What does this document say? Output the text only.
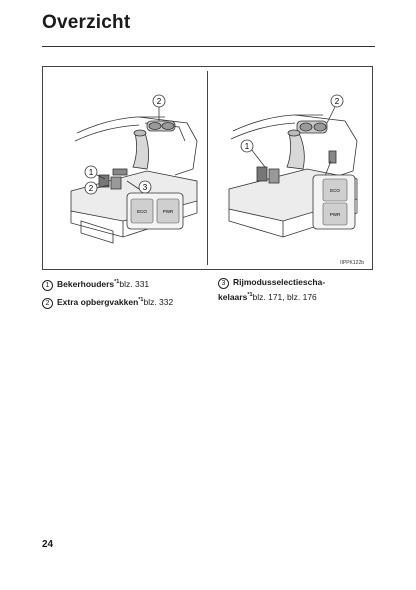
Overzicht
2
1
2	3
ECO	PWR
2
1
ECO
PWR
IIPPK122b
1 Bekerhouders$^{*1}$blz. 331
2 Extra opbergvakken$^{*1}$blz. 332
3 Rijmodusselectiescha-
kelaars$^{*1}$blz. 171, blz. 176
24
